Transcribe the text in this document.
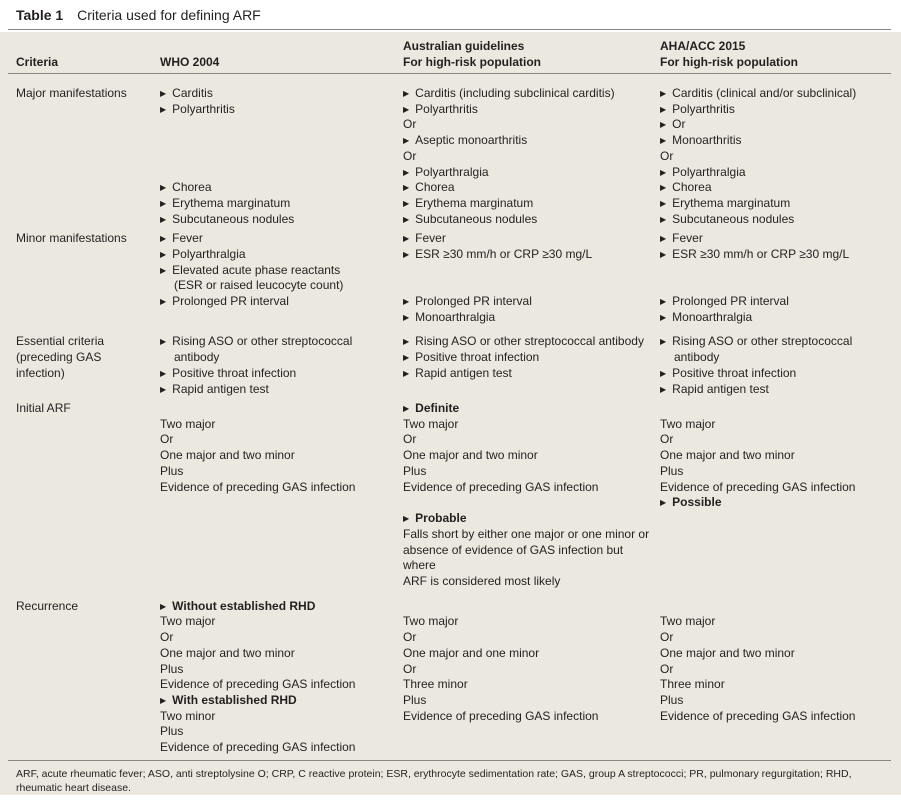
Table 1 Criteria used for defining ARF
Criteria	WHO 2004
Australian guidelines
For high-risk population
AHA/ACC 2015
For high-risk population
Major manifestations
Minor manifestations
Essential criteria
(preceding GAS
infection)
Initial ARF
Recurrence
▶ Carditis
▶ Polyarthritis
▶ Chorea
▶ Erythema marginatum
▶ Subcutaneous nodules
▶ Fever
▶ Polyarthralgia
▶ Elevated acute phase reactants
(ESR or raised leucocyte count)
▶ Prolonged PR interval
▶ Rising ASO or other streptococcal
antibody
▶ Positive throat infection
▶ Rapid antigen test
Two major
Or
One major and two minor
Plus
Evidence of preceding GAS infection
▶ Without established RHD
Two major
Or
One major and two minor
Plus
Evidence of preceding GAS infection
▶ With established RHD
Two minor
Plus
Evidence of preceding GAS infection
▶ Carditis (including subclinical carditis)
▶ Polyarthritis
Or
▶ Aseptic monoarthritis
Or
▶ Polyarthralgia
▶ Chorea
▶ Erythema marginatum
▶ Subcutaneous nodules
▶ Fever
▶ ESR ≥30 mm/h or CRP ≥30 mg/L
▶ Prolonged PR interval
▶ Monoarthralgia
▶ Rising ASO or other streptococcal antibody
▶ Positive throat infection
▶ Rapid antigen test
▶ Definite
Two major
Or
One major and two minor
Plus
Evidence of preceding GAS infection
▶ Probable
Falls short by either one major or one minor or
absence of evidence of GAS infection but
where
ARF is considered most likely
Two major
Or
One major and one minor
Or
Three minor
Plus
Evidence of preceding GAS infection
▶ Carditis (clinical and/or subclinical)
▶ Polyarthritis
▶ Or
▶ Monoarthritis
Or
▶ Polyarthralgia
▶ Chorea
▶ Erythema marginatum
▶ Subcutaneous nodules
▶ Fever
▶ ESR ≥30 mm/h or CRP ≥30 mg/L
▶ Prolonged PR interval
▶ Monoarthralgia
▶ Rising ASO or other streptococcal
antibody
▶ Positive throat infection
▶ Rapid antigen test
Two major
Or
One major and two minor
Plus
Evidence of preceding GAS infection
▶ Possible
Two major
Or
One major and two minor
Or
Three minor
Plus
Evidence of preceding GAS infection
ARF, acute rheumatic fever; ASO, anti streptolysine O; CRP, C reactive protein; ESR, erythrocyte sedimentation rate; GAS, group A streptococci; PR, pulmonary regurgitation; RHD, rheumatic heart disease.
